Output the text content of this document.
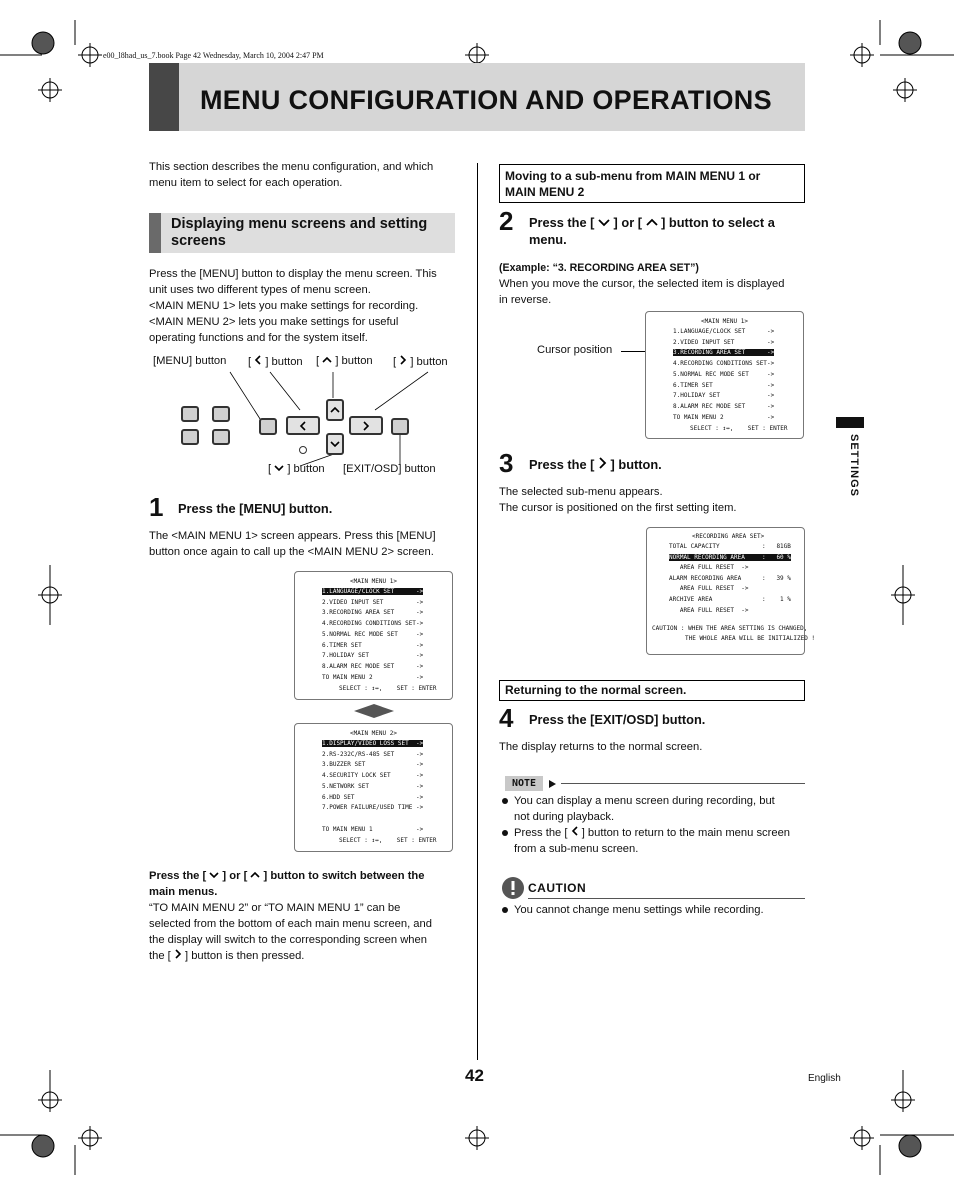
e00_l8had_us_7.book Page 42 Wednesday, March 10, 2004 2:47 PM
MENU CONFIGURATION AND OPERATIONS

This section describes the menu configuration, and which

menu item to select for each operation.

Displaying menu screens and setting
screens

Press the [MENU] button to display the menu screen. This

unit uses two different types of menu screen.

<MAIN MENU 1> lets you make settings for recording.

<MAIN MENU 2> lets you make settings for useful

operating functions and for the system itself.

[MENU] button [  ] button [  ] button [  ] button
[  ] button [EXIT/OSD] button
1 Press the [MENU] button.

The <MAIN MENU 1> screen appears. Press this [MENU]

button once again to call up the <MAIN MENU 2> screen.

<MAIN MENU 1>
1.LANGUAGE/CLOCK SET	->
2.VIDEO INPUT SET	->
3.RECORDING AREA SET	->
4.RECORDING CONDITIONS SET ->
5.NORMAL REC MODE SET	->
6.TIMER SET	->
7.HOLIDAY SET	->
8.ALARM REC MODE SET	->
TO MAIN MENU 2	->
SELECT : ↕↔,    SET : ENTER
<MAIN MENU 2>
1.DISPLAY/VIDEO LOSS SET	->
2.RS-232C/RS-485 SET	->
3.BUZZER SET	->
4.SECURITY LOCK SET	->
5.NETWORK SET	->
6.HDD SET	->
7.POWER FAILURE/USED TIME ->
TO MAIN MENU 1	->
SELECT : ↕↔,    SET : ENTER

Press the [  ] or [  ] button to switch between the

main menus.

“TO MAIN MENU 2” or “TO MAIN MENU 1” can be

selected from the bottom of each main menu screen, and

the display will switch to the corresponding screen when

the [  ] button is then pressed.

Moving to a sub-menu from MAIN MENU 1 or
MAIN MENU 2
2 Press the [  ] or [  ] button to select a
menu.

(Example: “3. RECORDING AREA SET”)

When you move the cursor, the selected item is displayed

in reverse.

Cursor position
<MAIN MENU 1>
1.LANGUAGE/CLOCK SET	->
2.VIDEO INPUT SET	->
3.RECORDING AREA SET	->
4.RECORDING CONDITIONS SET ->
5.NORMAL REC MODE SET	->
6.TIMER SET	->
7.HOLIDAY SET	->
8.ALARM REC MODE SET	->
TO MAIN MENU 2	->
SELECT : ↕↔,    SET : ENTER
3 Press the [  ] button.

The selected sub-menu appears.

The cursor is positioned on the first setting item.

<RECORDING AREA SET>
TOTAL CAPACITY	:   81GB
NORMAL RECORDING AREA	:   60 %
AREA FULL RESET  ->
ALARM RECORDING AREA	:   39 %
AREA FULL RESET  ->
ARCHIVE AREA	:    1 %
AREA FULL RESET  ->
CAUTION : WHEN THE AREA SETTING IS CHANGED,
THE WHOLE AREA WILL BE INITIALIZED !
Returning to the normal screen.
4 Press the [EXIT/OSD] button.
The display returns to the normal screen.
NOTE

You can display a menu screen during recording, but

not during playback.

Press the [  ] button to return to the main menu screen

from a sub-menu screen.

CAUTION
You cannot change menu settings while recording.
SETTINGS
42	English
